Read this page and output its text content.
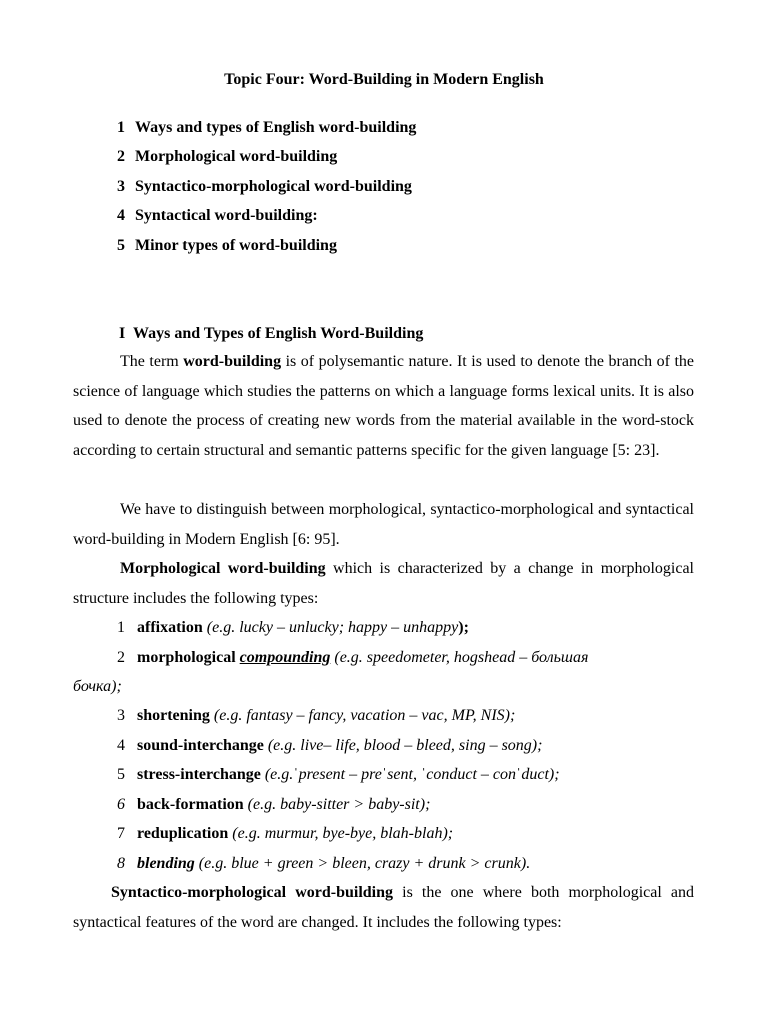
Topic Four: Word-Building in Modern English

1 Ways and types of English word-building
2 Morphological word-building
3 Syntactico-morphological word-building
4 Syntactical word-building:
5 Minor types of word-building
I Ways and Types of English Word-Building

The term word-building is of polysemantic nature. It is used to denote the branch of the science of language which studies the patterns on which a language forms lexical units. It is also used to denote the process of creating new words from the material available in the word-stock according to certain structural and semantic patterns specific for the given language [5: 23].

We have to distinguish between morphological, syntactico-morphological and syntactical word-building in Modern English [6: 95].

Morphological word-building which is characterized by a change in morphological structure includes the following types:

1 affixation (e.g. lucky – unlucky; happy – unhappy);
2 morphological compounding (e.g. speedometer, hogshead – большая
бочка);
3 shortening (e.g. fantasy – fancy, vacation – vac, MP, NIS);
4 sound-interchange (e.g. live– life, blood – bleed, sing – song);
5 stress-interchange (e.g.ˈpresent – preˈsent, ˈconduct – conˈduct);
6 back-formation (e.g. baby-sitter > baby-sit);
7 reduplication (e.g. murmur, bye-bye, blah-blah);
8 blending (e.g. blue + green > bleen, crazy + drunk > crunk).

Syntactico-morphological word-building is the one where both morphological and syntactical features of the word are changed. It includes the following types:
